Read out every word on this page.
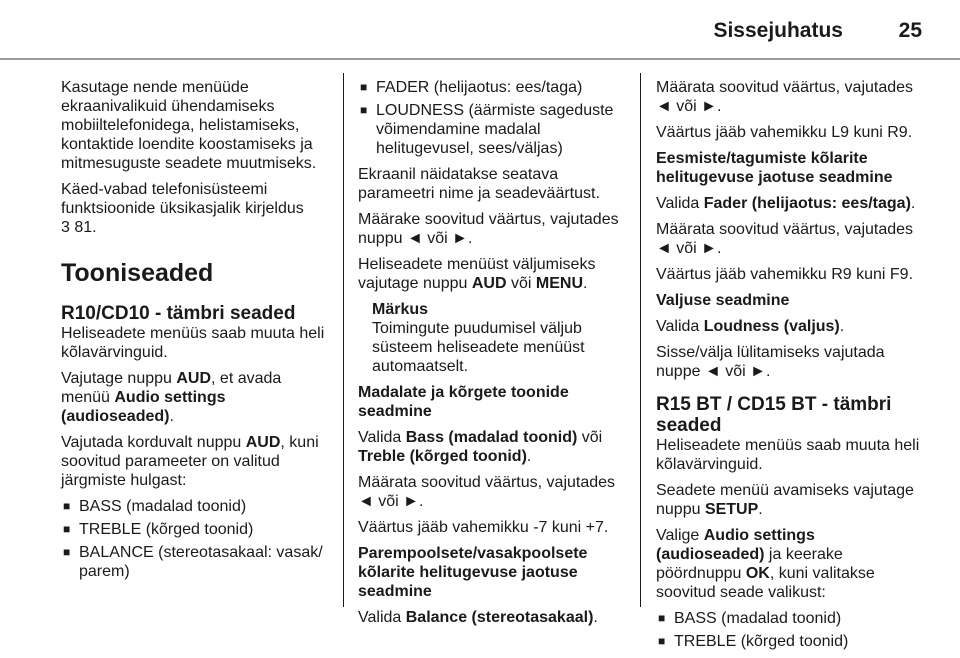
Sissejuhatus	25

Kasutage nende menüüde ekraanivalikuid ühendamiseks mobiiltelefonidega, helistamiseks, kontaktide loendite koostamiseks ja mitmesuguste seadete muutmiseks.

Käed-vabad telefonisüsteemi funktsioonide üksikasjalik kirjeldus
3 81.

Tooniseaded
R10/CD10 - tämbri seaded

Heliseadete menüüs saab muuta heli kõlavärvinguid.

Vajutage nuppu AUD, et avada menüü Audio settings (audioseaded).

Vajutada korduvalt nuppu AUD, kuni soovitud parameeter on valitud järgmiste hulgast:

■ BASS (madalad toonid)
■ TREBLE (kõrged toonid)
■ BALANCE (stereotasakaal: vasak/ parem)
■ FADER (helijaotus: ees/taga)
■ LOUDNESS (äärmiste sageduste võimendamine madalal helitugevusel, sees/väljas)

Ekraanil näidatakse seatava parameetri nime ja seadeväärtust.

Määrake soovitud väärtus, vajutades nuppu ◄ või ►.

Heliseadete menüüst väljumiseks vajutage nuppu AUD või MENU.

Märkus
Toimingute puudumisel väljub süsteem heliseadete menüüst automaatselt.

Madalate ja kõrgete toonide seadmine

Valida Bass (madalad toonid) või Treble (kõrged toonid).

Määrata soovitud väärtus, vajutades ◄ või ►.

Väärtus jääb vahemikku -7 kuni +7.

Parempoolsete/vasakpoolsete kõlarite helitugevuse jaotuse seadmine

Valida Balance (stereotasakaal).

Määrata soovitud väärtus, vajutades ◄ või ►.

Väärtus jääb vahemikku L9 kuni R9.

Eesmiste/tagumiste kõlarite helitugevuse jaotuse seadmine

Valida Fader (helijaotus: ees/taga).

Määrata soovitud väärtus, vajutades ◄ või ►.

Väärtus jääb vahemikku R9 kuni F9.

Valjuse seadmine

Valida Loudness (valjus).

Sisse/välja lülitamiseks vajutada nuppe ◄ või ►.

R15 BT / CD15 BT - tämbri seaded

Heliseadete menüüs saab muuta heli kõlavärvinguid.

Seadete menüü avamiseks vajutage nuppu SETUP.

Valige Audio settings (audioseaded) ja keerake pöördnuppu OK, kuni valitakse soovitud seade valikust:

■ BASS (madalad toonid)
■ TREBLE (kõrged toonid)
